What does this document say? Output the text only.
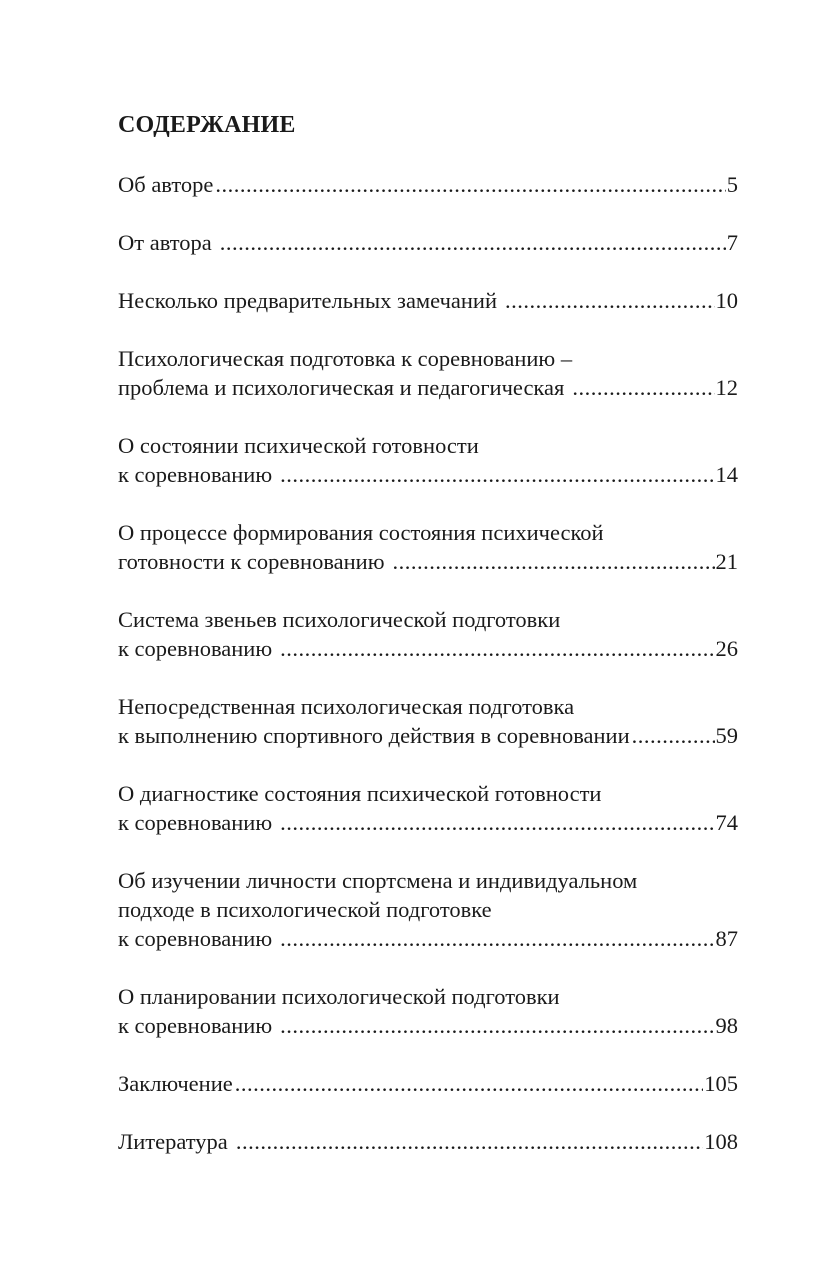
СОДЕРЖАНИЕ
Об авторе .....	5
От автора .....	7
Несколько предварительных замечаний .....	10
Психологическая подготовка к соревнованию –
проблема и психологическая и педагогическая .....	12
О состоянии психической готовности
к соревнованию .....	14
О процессе формирования состояния психической
готовности к соревнованию .....	21
Система звеньев психологической подготовки
к соревнованию .....	26
Непосредственная психологическая подготовка
к выполнению спортивного действия в соревновании .....	59
О диагностике состояния психической готовности
к соревнованию .....	74
Об изучении личности спортсмена и индивидуальном
подходе в психологической подготовке
к соревнованию .....	87
О планировании психологической подготовки
к соревнованию .....	98
Заключение .....	105
Литература .....	108
